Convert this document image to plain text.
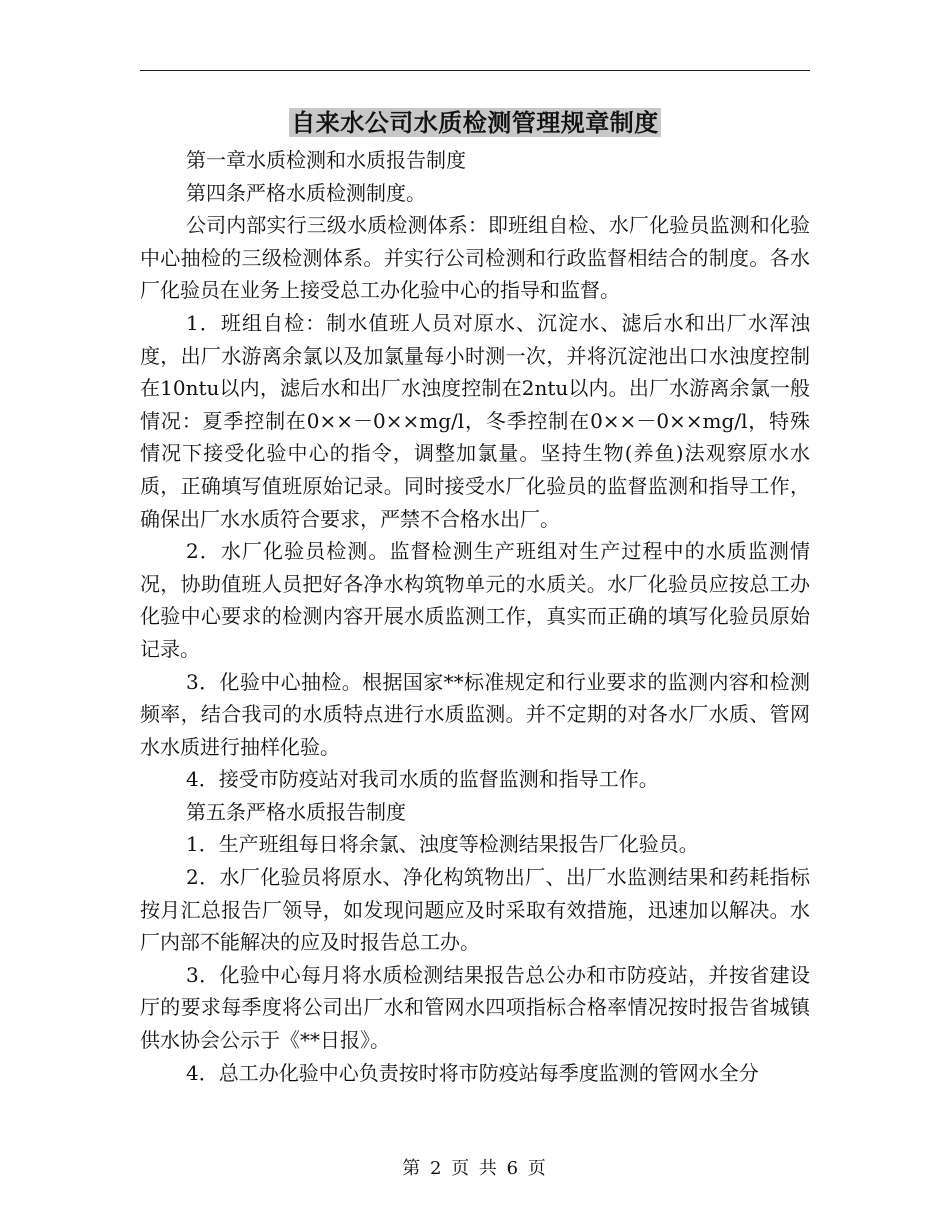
自来水公司水质检测管理规章制度

第一章水质检测和水质报告制度

第四条严格水质检测制度。

公司内部实行三级水质检测体系：即班组自检、水厂化验员监测和化验中心抽检的三级检测体系。并实行公司检测和行政监督相结合的制度。各水厂化验员在业务上接受总工办化验中心的指导和监督。

1．班组自检：制水值班人员对原水、沉淀水、滤后水和出厂水浑浊度，出厂水游离余氯以及加氯量每小时测一次，并将沉淀池出口水浊度控制在10ntu以内，滤后水和出厂水浊度控制在2ntu以内。出厂水游离余氯一般情况：夏季控制在0××－0××mg/l，冬季控制在0××－0××mg/l，特殊情况下接受化验中心的指令，调整加氯量。坚持生物(养鱼)法观察原水水质，正确填写值班原始记录。同时接受水厂化验员的监督监测和指导工作，确保出厂水水质符合要求，严禁不合格水出厂。

2．水厂化验员检测。监督检测生产班组对生产过程中的水质监测情况，协助值班人员把好各净水构筑物单元的水质关。水厂化验员应按总工办化验中心要求的检测内容开展水质监测工作，真实而正确的填写化验员原始记录。

3．化验中心抽检。根据国家**标准规定和行业要求的监测内容和检测频率，结合我司的水质特点进行水质监测。并不定期的对各水厂水质、管网水水质进行抽样化验。

4．接受市防疫站对我司水质的监督监测和指导工作。

第五条严格水质报告制度

1．生产班组每日将余氯、浊度等检测结果报告厂化验员。

2．水厂化验员将原水、净化构筑物出厂、出厂水监测结果和药耗指标按月汇总报告厂领导，如发现问题应及时采取有效措施，迅速加以解决。水厂内部不能解决的应及时报告总工办。

3．化验中心每月将水质检测结果报告总公办和市防疫站，并按省建设厅的要求每季度将公司出厂水和管网水四项指标合格率情况按时报告省城镇供水协会公示于《**日报》。

4．总工办化验中心负责按时将市防疫站每季度监测的管网水全分

第 2 页 共 6 页
